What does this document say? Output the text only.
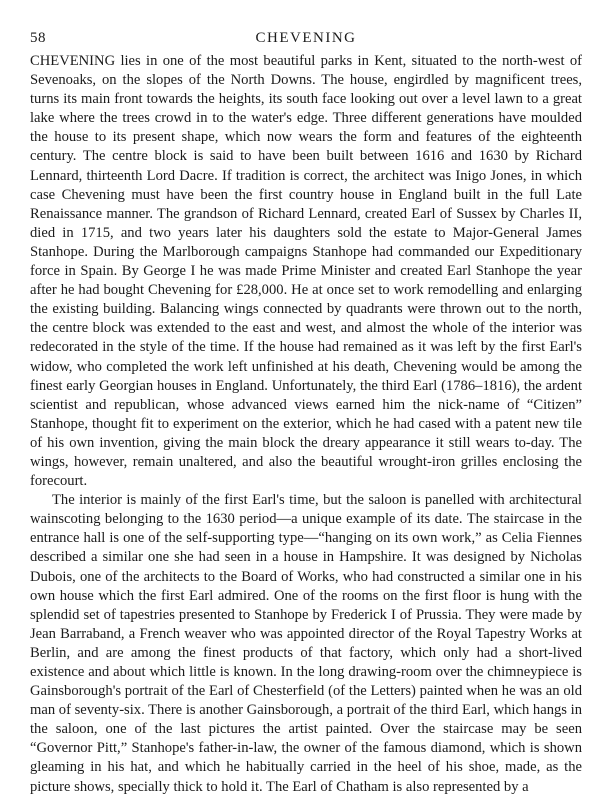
58	CHEVENING

CHEVENING lies in one of the most beautiful parks in Kent, situated to the north-west of Sevenoaks, on the slopes of the North Downs. The house, engirdled by magnificent trees, turns its main front towards the heights, its south face looking out over a level lawn to a great lake where the trees crowd in to the water's edge. Three different generations have moulded the house to its present shape, which now wears the form and features of the eighteenth century. The centre block is said to have been built between 1616 and 1630 by Richard Lennard, thirteenth Lord Dacre. If tradition is correct, the architect was Inigo Jones, in which case Chevening must have been the first country house in England built in the full Late Renaissance manner. The grandson of Richard Lennard, created Earl of Sussex by Charles II, died in 1715, and two years later his daughters sold the estate to Major-General James Stanhope. During the Marlborough campaigns Stanhope had commanded our Expeditionary force in Spain. By George I he was made Prime Minister and created Earl Stanhope the year after he had bought Chevening for £28,000. He at once set to work remodelling and enlarging the existing building. Balancing wings connected by quadrants were thrown out to the north, the centre block was extended to the east and west, and almost the whole of the interior was redecorated in the style of the time. If the house had remained as it was left by the first Earl's widow, who completed the work left unfinished at his death, Chevening would be among the finest early Georgian houses in England. Unfortunately, the third Earl (1786–1816), the ardent scientist and republican, whose advanced views earned him the nick-name of “Citizen” Stanhope, thought fit to experiment on the exterior, which he had cased with a patent new tile of his own invention, giving the main block the dreary appearance it still wears to-day. The wings, however, remain unaltered, and also the beautiful wrought-iron grilles enclosing the forecourt.

The interior is mainly of the first Earl's time, but the saloon is panelled with architectural wainscoting belonging to the 1630 period—a unique example of its date. The staircase in the entrance hall is one of the self-supporting type—“hanging on its own work,” as Celia Fiennes described a similar one she had seen in a house in Hampshire. It was designed by Nicholas Dubois, one of the architects to the Board of Works, who had constructed a similar one in his own house which the first Earl admired. One of the rooms on the first floor is hung with the splendid set of tapestries presented to Stanhope by Frederick I of Prussia. They were made by Jean Barraband, a French weaver who was appointed director of the Royal Tapestry Works at Berlin, and are among the finest products of that factory, which only had a short-lived existence and about which little is known. In the long drawing-room over the chimneypiece is Gainsborough's portrait of the Earl of Chesterfield (of the Letters) painted when he was an old man of seventy-six. There is another Gainsborough, a portrait of the third Earl, which hangs in the saloon, one of the last pictures the artist painted. Over the staircase may be seen “Governor Pitt,” Stanhope's father-in-law, the owner of the famous diamond, which is shown gleaming in his hat, and which he habitually carried in the heel of his shoe, made, as the picture shows, specially thick to hold it. The Earl of Chatham is also represented by a
